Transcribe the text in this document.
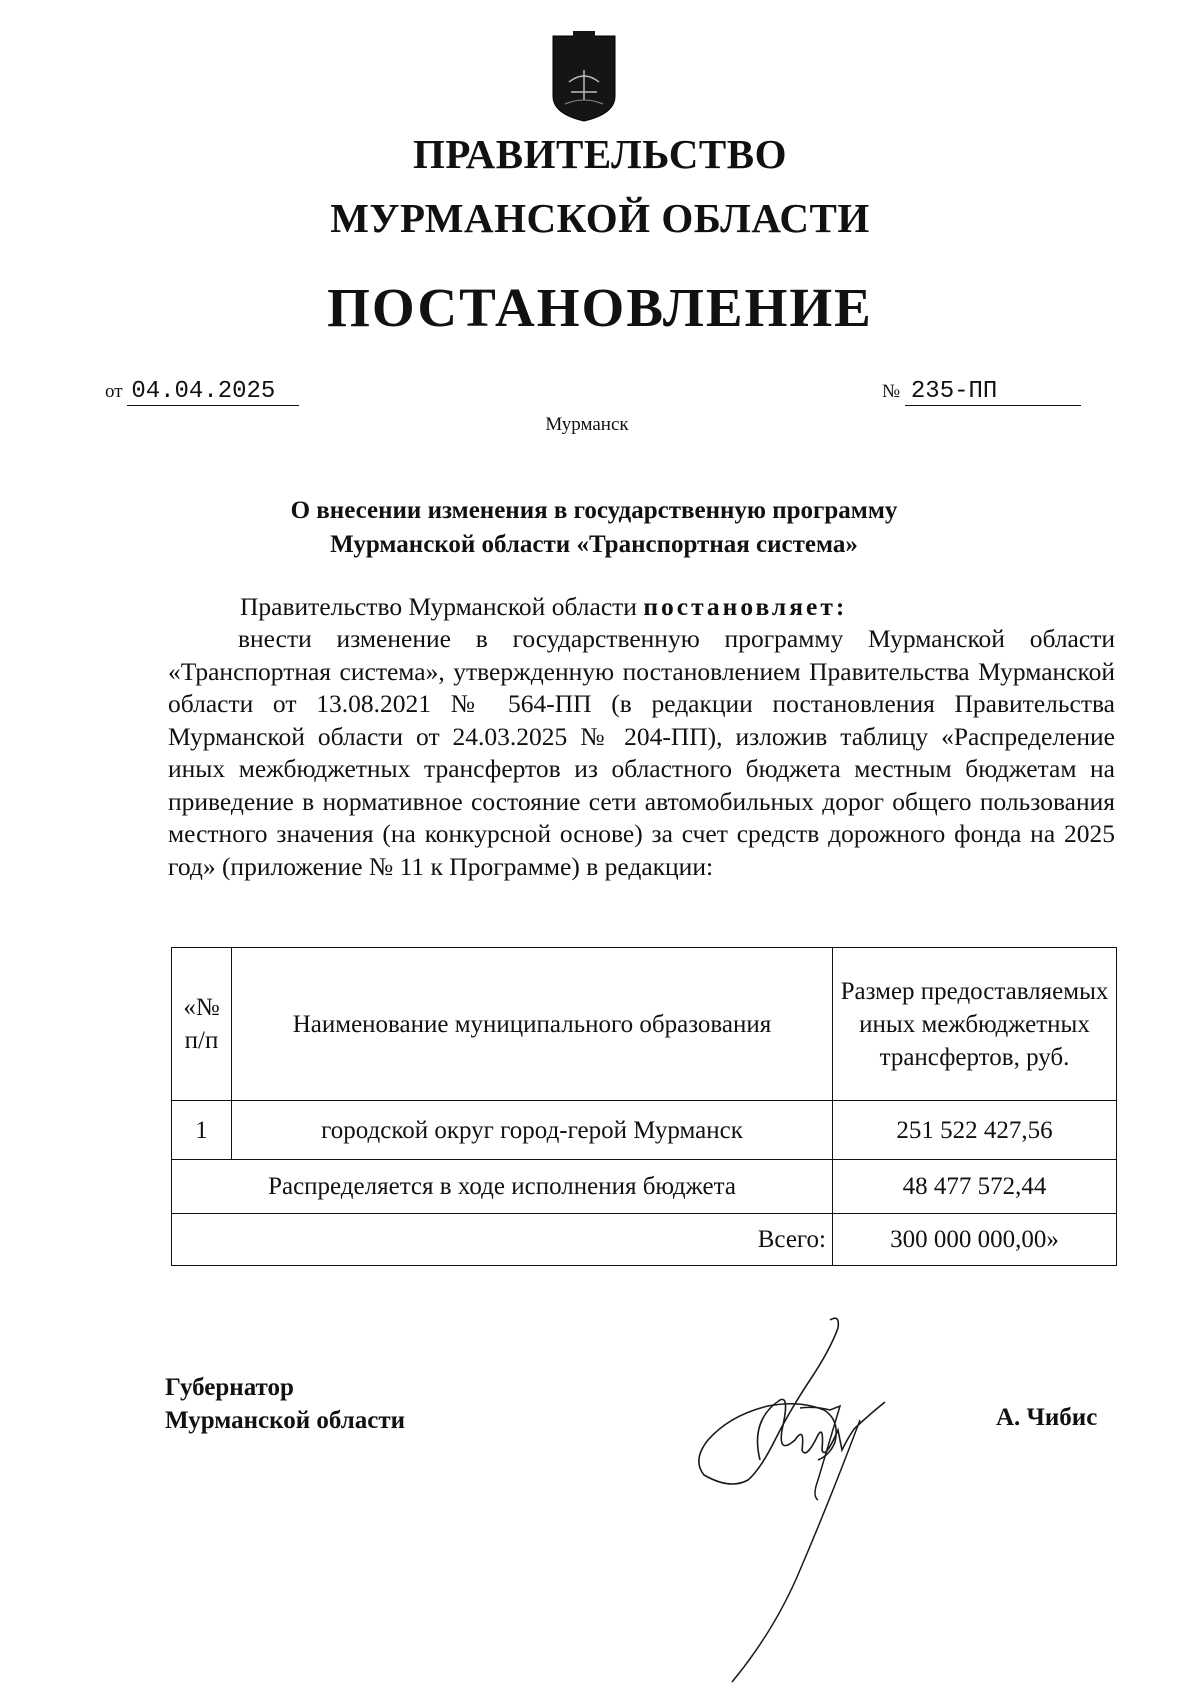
ПРАВИТЕЛЬСТВО
МУРМАНСКОЙ ОБЛАСТИ
ПОСТАНОВЛЕНИЕ
от 04.04.2025	№ 235-ПП
Мурманск
О внесении изменения в государственную программу
Мурманской области «Транспортная система»
Правительство Мурманской области постановляет:
внести изменение в государственную программу Мурманской области «Транспортная система», утвержденную постановлением Правительства Мурманской области от 13.08.2021 № 564-ПП (в редакции постановления Правительства Мурманской области от 24.03.2025 № 204-ПП), изложив таблицу «Распределение иных межбюджетных трансфертов из областного бюджета местным бюджетам на приведение в нормативное состояние сети автомобильных дорог общего пользования местного значения (на конкурсной основе) за счет средств дорожного фонда на 2025 год» (приложение № 11 к Программе) в редакции:
«№ п/п	Наименование муниципального образования	Размер предоставляемых иных межбюджетных трансфертов, руб.
1	городской округ город-герой Мурманск	251 522 427,56
Распределяется в ходе исполнения бюджета		48 477 572,44
Всего:		300 000 000,00»
Губернатор
Мурманской области	А. Чибис
